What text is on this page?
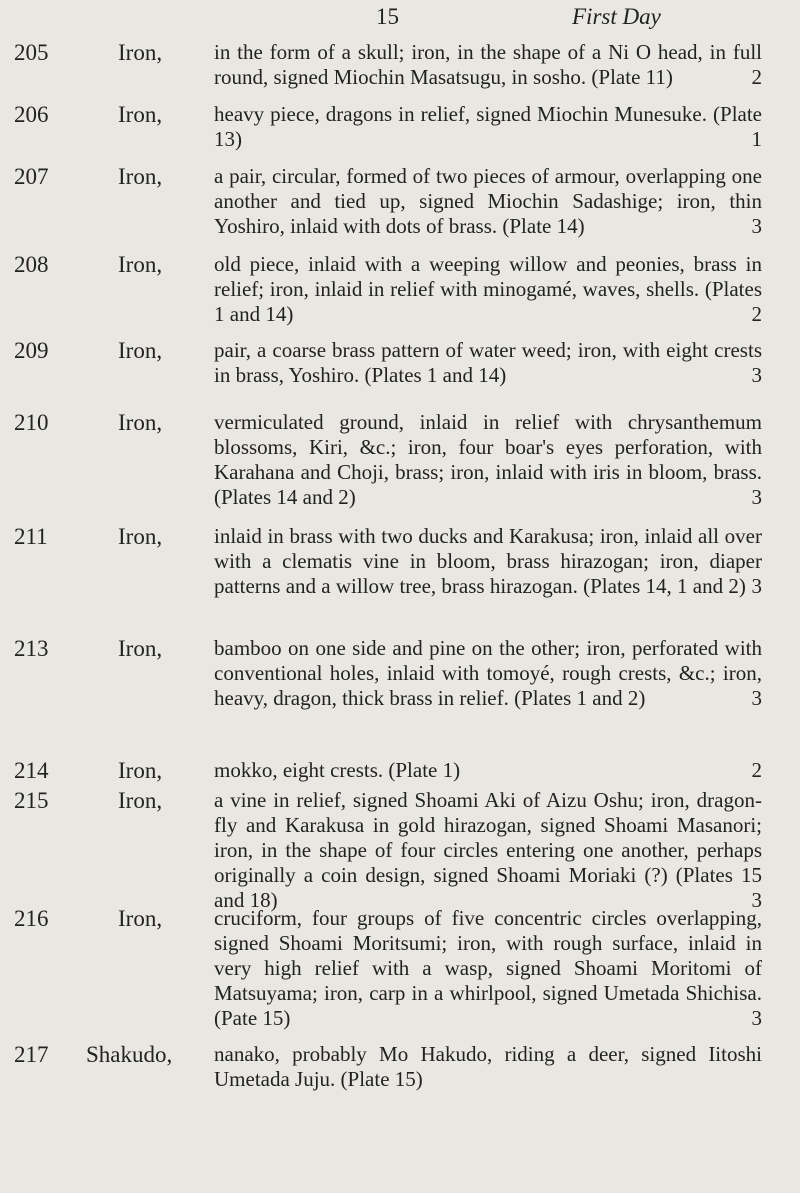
15	First Day
205	Iron,	in the form of a skull; iron, in the shape of a Ni O head, in full round, signed Miochin Masatsugu, in sosho. (Plate 11)	2
206	Iron,	heavy piece, dragons in relief, signed Miochin Munesuke. (Plate 13)	1
207	Iron,	a pair, circular, formed of two pieces of armour, overlapping one another and tied up, signed Miochin Sadashige; iron, thin Yoshiro, inlaid with dots of brass. (Plate 14)	3
208	Iron,	old piece, inlaid with a weeping willow and peonies, brass in relief; iron, inlaid in relief with minogamé, waves, shells. (Plates 1 and 14)	2
209	Iron,	pair, a coarse brass pattern of water weed; iron, with eight crests in brass, Yoshiro. (Plates 1 and 14)	3
210	Iron,	vermiculated ground, inlaid in relief with chrysanthemum blossoms, Kiri, &c.; iron, four boar's eyes perforation, with Karahana and Choji, brass; iron, inlaid with iris in bloom, brass. (Plates 14 and 2)	3
211	Iron,	inlaid in brass with two ducks and Karakusa; iron, inlaid all over with a clematis vine in bloom, brass hirazogan; iron, diaper patterns and a willow tree, brass hirazogan. (Plates 14, 1 and 2) 3
213	Iron,	bamboo on one side and pine on the other; iron, perforated with conventional holes, inlaid with tomoyé, rough crests, &c.; iron, heavy, dragon, thick brass in relief. (Plates 1 and 2)	3
214	Iron,	mokko, eight crests. (Plate 1)	2
215	Iron,	a vine in relief, signed Shoami Aki of Aizu Oshu; iron, dragon-fly and Karakusa in gold hirazogan, signed Shoami Masanori; iron, in the shape of four circles entering one another, perhaps originally a coin design, signed Shoami Moriaki (?) (Plates 15 and 18)	3
216	Iron,	cruciform, four groups of five concentric circles overlapping, signed Shoami Moritsumi; iron, with rough surface, inlaid in very high relief with a wasp, signed Shoami Moritomi of Matsuyama; iron, carp in a whirlpool, signed Umetada Shichisa. (Pate 15)	3
217	Shakudo,	nanako, probably Mo Hakudo, riding a deer, signed Iitoshi Umetada Juju. (Plate 15)
